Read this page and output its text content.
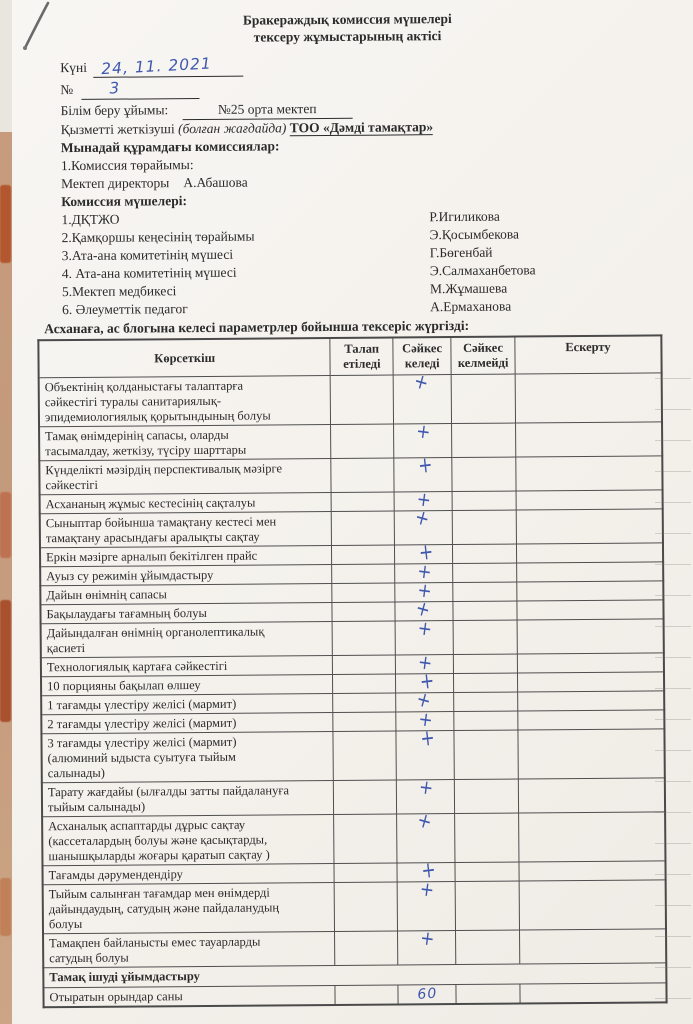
Бракераждық комиссия мүшелері
тексеру жұмыстарының актісі
Күні 24, 11. 2021
№ 3
Білім беру ұйымы:	№25 орта мектеп
Қызметті жеткізуші (болған жағдайда) ТОО «Дәмді тамақтар»
Мынадай құрамдағы комиссиялар:
1.Комиссия төрайымы:
Мектеп директоры А.Абашова
Комиссия мүшелері:
1.ДҚТЖО	Р.Игиликова
2.Қамқоршы кеңесінің төрайымы	Э.Қосымбекова
3.Ата-ана комитетінің мүшесі	Г.Бөгенбай
4. Ата-ана комитетінің мүшесі	Э.Салмаханбетова
5.Мектеп медбикесі	М.Жұмашева
6. Әлеуметтік педагог	А.Ермаханова
Асханаға, ас блогына келесі параметрлер бойынша тексеріс жүргізді:
Көрсеткіш	Талап етіледі	Сәйкес келеді	Сәйкес келмейді	Ескерту
Объектінің қолданыстағы талаптарға
сәйкестігі туралы санитариялық-
эпидемиологиялық қорытындының болуы		+		
Тамақ өнімдерінің сапасы, оларды
тасымалдау, жеткізу, түсіру шарттары		+		
Күнделікті мәзірдің перспективалық мәзірге
сәйкестігі		+		
Асхананың жұмыс кестесінің сақталуы		+		
Сыныптар бойынша тамақтану кестесі мен
тамақтану арасындағы аралықты сақтау		+		
Еркін мәзірге арналып бекітілген прайс		+		
Ауыз су режимін ұйымдастыру		+		
Дайын өнімнің сапасы		+		
Бақылаудағы тағамның болуы		+		
Дайындалған өнімнің органолептикалық
қасиеті		+		
Технологиялық картаға сәйкестігі		+		
10 порцияны бақылап өлшеу		+		
1 тағамды үлестіру желісі (мармит)		+		
2 тағамды үлестіру желісі (мармит)		+		
3 тағамды үлестіру желісі (мармит)
(алюминий ыдыста суытуға тыйым
салынады)		+		
Тарату жағдайы (ылғалды затты пайдалануға
тыйым салынады)		+		
Асханалық аспаптарды дұрыс сақтау
(кассеталардың болуы және қасықтарды,
шанышқыларды жоғары қаратып сақтау )		+		
Тағамды дәрумендендіру		+		
Тыйым салынған тағамдар мен өнімдерді
дайындаудың, сатудың және пайдаланудың
болуы		+		
Тамақпен байланысты емес тауарларды
сатудың болуы		+		
Тамақ ішуді ұйымдастыру				
Отыратын орындар саны		60		
